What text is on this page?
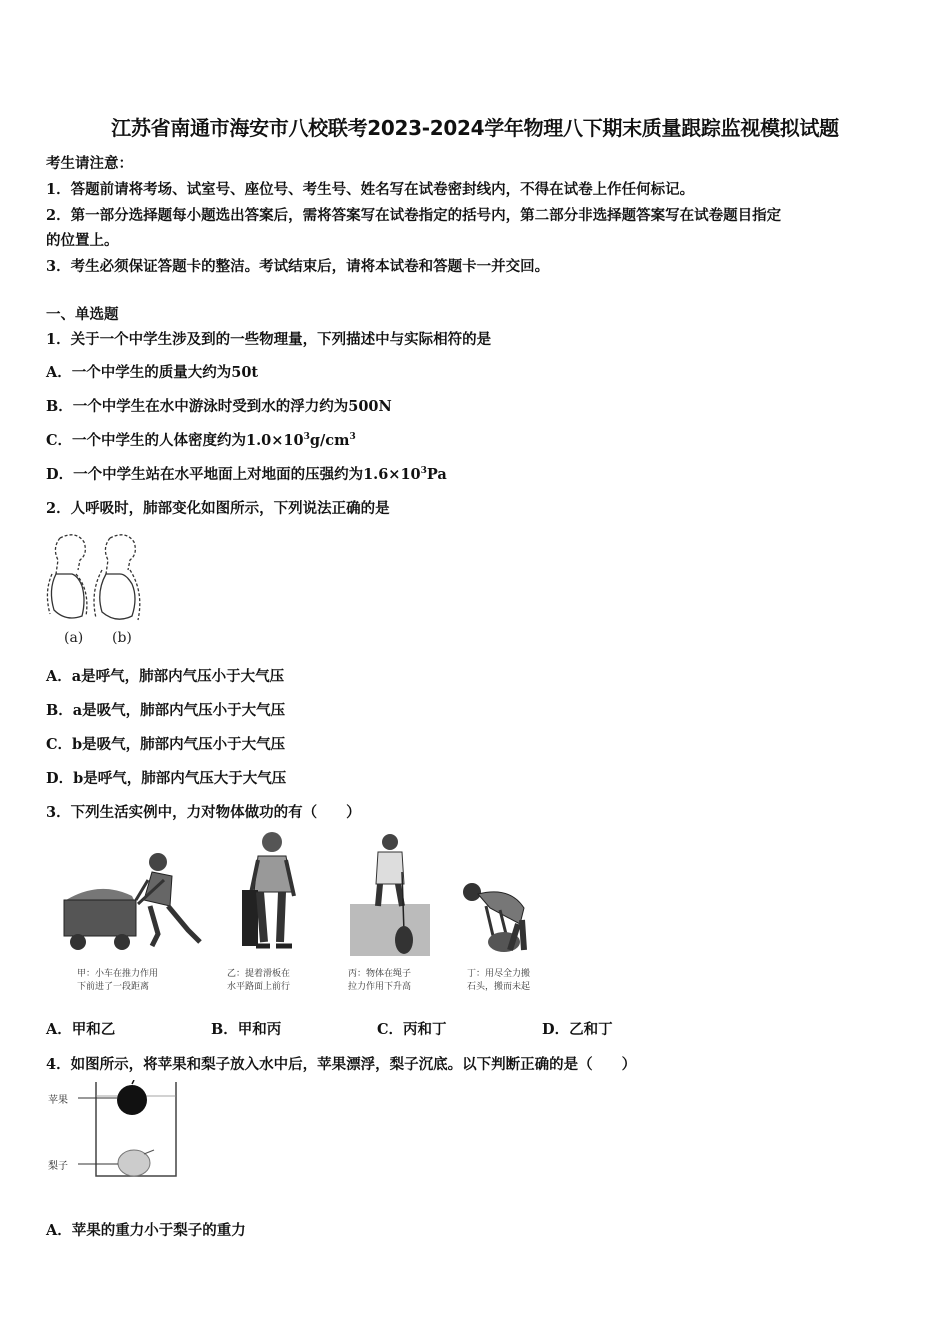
江苏省南通市海安市八校联考2023-2024学年物理八下期末质量跟踪监视模拟试题
考生请注意：
1．答题前请将考场、试室号、座位号、考生号、姓名写在试卷密封线内，不得在试卷上作任何标记。
2．第一部分选择题每小题选出答案后，需将答案写在试卷指定的括号内，第二部分非选择题答案写在试卷题目指定
的位置上。
3．考生必须保证答题卡的整洁。考试结束后，请将本试卷和答题卡一并交回。
一、单选题
1．关于一个中学生涉及到的一些物理量，下列描述中与实际相符的是
A．一个中学生的质量大约为50t
B．一个中学生在水中游泳时受到水的浮力约为500N
C．一个中学生的人体密度约为$1.0\times 10^3g/cm^3$
D．一个中学生站在水平地面上对地面的压强约为$1.6\times 10^3Pa$
2．人呼吸时，肺部变化如图所示，下列说法正确的是
(a) (b)
A．a是呼气，肺部内气压小于大气压
B．a是吸气，肺部内气压小于大气压
C．b是吸气，肺部内气压小于大气压
D．b是呼气，肺部内气压大于大气压
3．下列生活实例中，力对物体做功的有（　　）
甲：小车在推力作用
下前进了一段距离
乙：提着滑板在
水平路面上前行
丙：物体在绳子
拉力作用下升高
丁：用尽全力搬
石头，搬而未起
A．甲和乙	B．甲和丙	C．丙和丁	D．乙和丁
4．如图所示，将苹果和梨子放入水中后，苹果漂浮，梨子沉底。以下判断正确的是（　　）
苹果
梨子
A．苹果的重力小于梨子的重力
